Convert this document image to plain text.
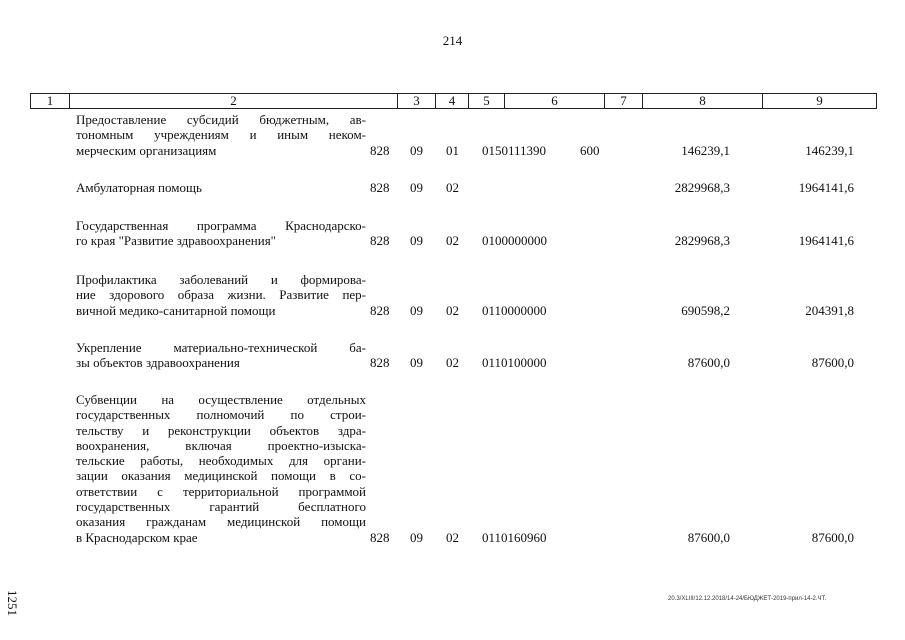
214
1	2	3	4	5	6	7	8	9
Предоставление субсидий бюджетным, ав-
тономным учреждениям и иным неком-
мерческим организациям	828 09 01 0150111390	600	146239,1	146239,1
Амбулаторная помощь	828 09 02	2829968,3	1964141,6
Государственная программа Краснодарско-
го края "Развитие здравоохранения"	828 09 02 0100000000	2829968,3	1964141,6
Профилактика заболеваний и формирова-
ние здорового образа жизни. Развитие пер-
вичной медико-санитарной помощи	828 09 02 0110000000	690598,2	204391,8
Укрепление материально-технической ба-
зы объектов здравоохранения	828 09 02 0110100000	87600,0	87600,0
Субвенции на осуществление отдельных
государственных полномочий по строи-
тельству и реконструкции объектов здра-
воохранения, включая проектно-изыска-
тельские работы, необходимых для органи-
зации оказания медицинской помощи в со-
ответствии с территориальной программой
государственных гарантий бесплатного
оказания гражданам медицинской помощи
в Краснодарском крае	828 09 02 0110160960	87600,0	87600,0
20.3/XLIII/12.12.2018/14-24/БЮДЖЕТ-2019-прил-14-2.ЧТ.
1251
